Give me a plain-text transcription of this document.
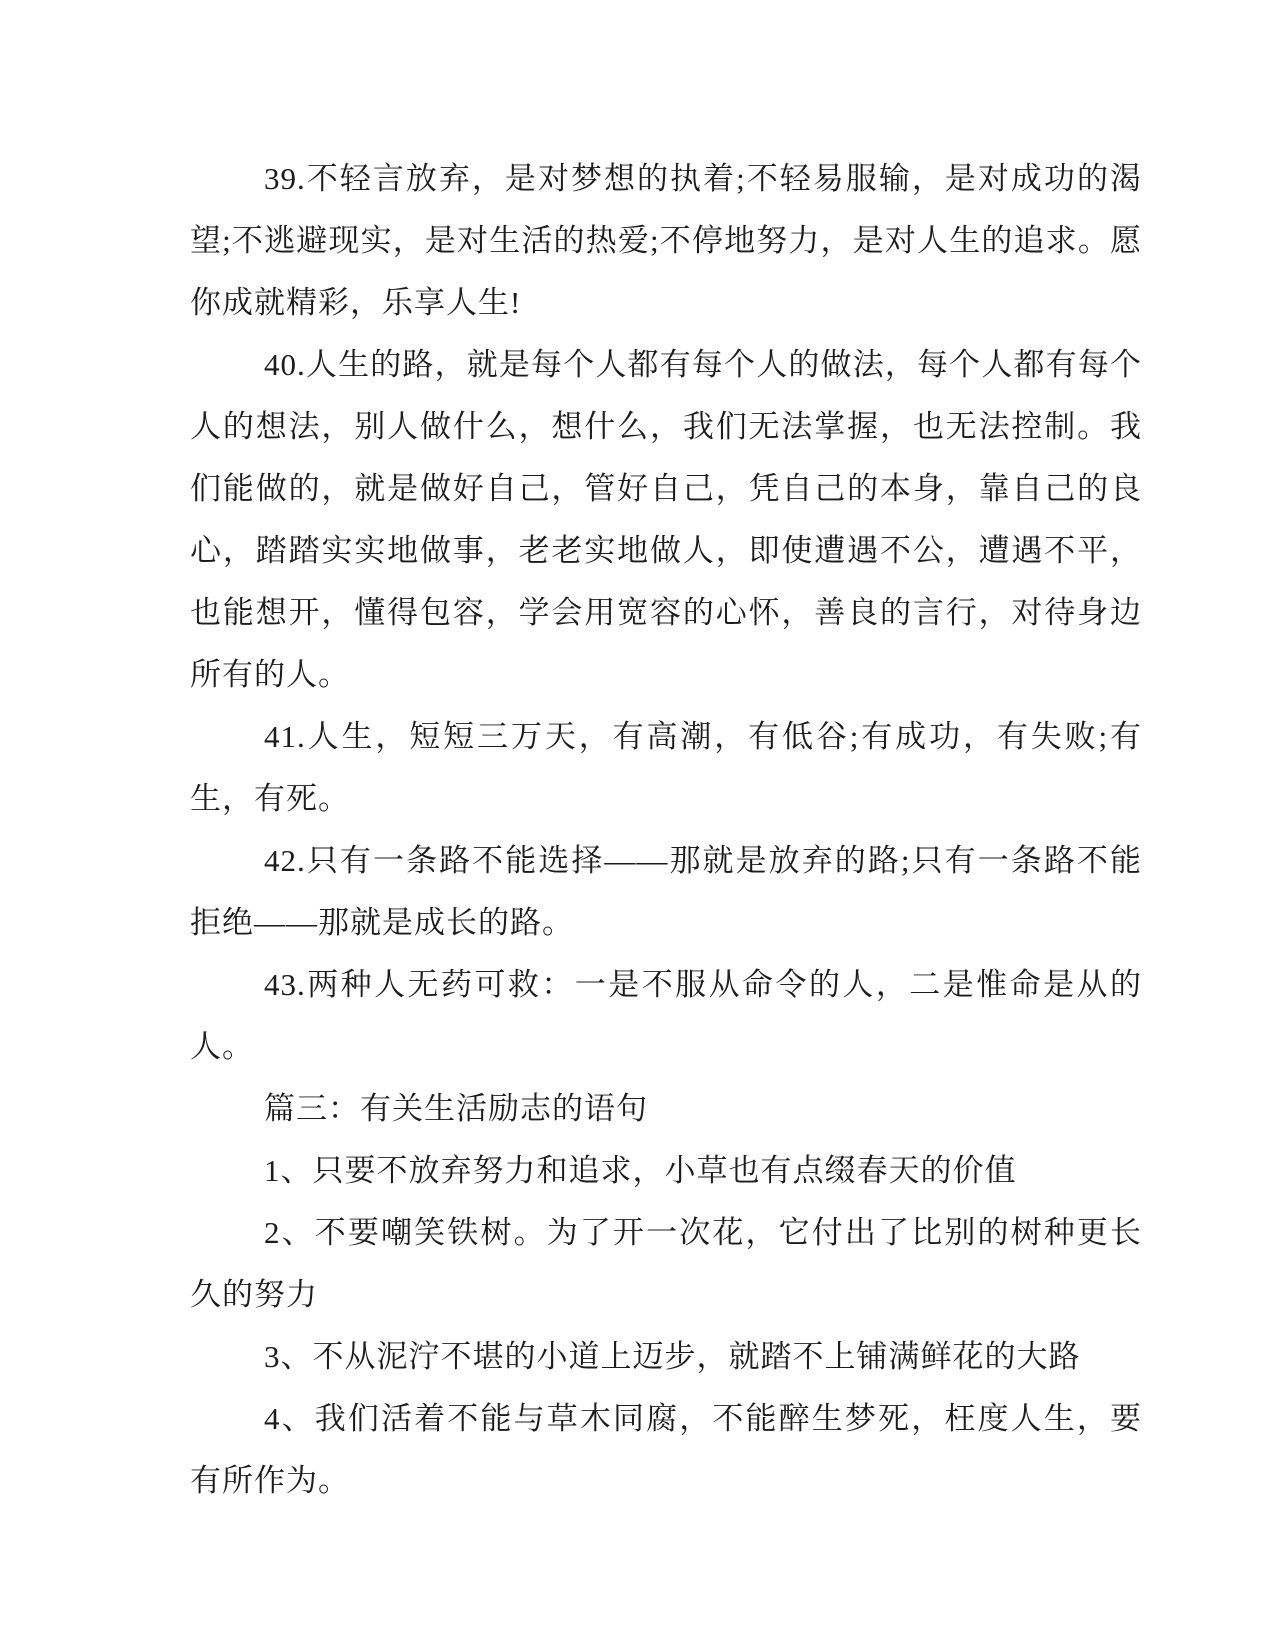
39.不轻言放弃，是对梦想的执着;不轻易服输，是对成功的渴望;不逃避现实，是对生活的热爱;不停地努力，是对人生的追求。愿你成就精彩，乐享人生!

40.人生的路，就是每个人都有每个人的做法，每个人都有每个人的想法，别人做什么，想什么，我们无法掌握，也无法控制。我们能做的，就是做好自己，管好自己，凭自己的本身，靠自己的良心，踏踏实实地做事，老老实地做人，即使遭遇不公，遭遇不平，也能想开，懂得包容，学会用宽容的心怀，善良的言行，对待身边所有的人。

41.人生，短短三万天，有高潮，有低谷;有成功，有失败;有生，有死。

42.只有一条路不能选择——那就是放弃的路;只有一条路不能拒绝——那就是成长的路。

43.两种人无药可救：一是不服从命令的人，二是惟命是从的人。

篇三：有关生活励志的语句

1、只要不放弃努力和追求，小草也有点缀春天的价值

2、不要嘲笑铁树。为了开一次花，它付出了比别的树种更长久的努力

3、不从泥泞不堪的小道上迈步，就踏不上铺满鲜花的大路

4、我们活着不能与草木同腐，不能醉生梦死，枉度人生，要有所作为。
